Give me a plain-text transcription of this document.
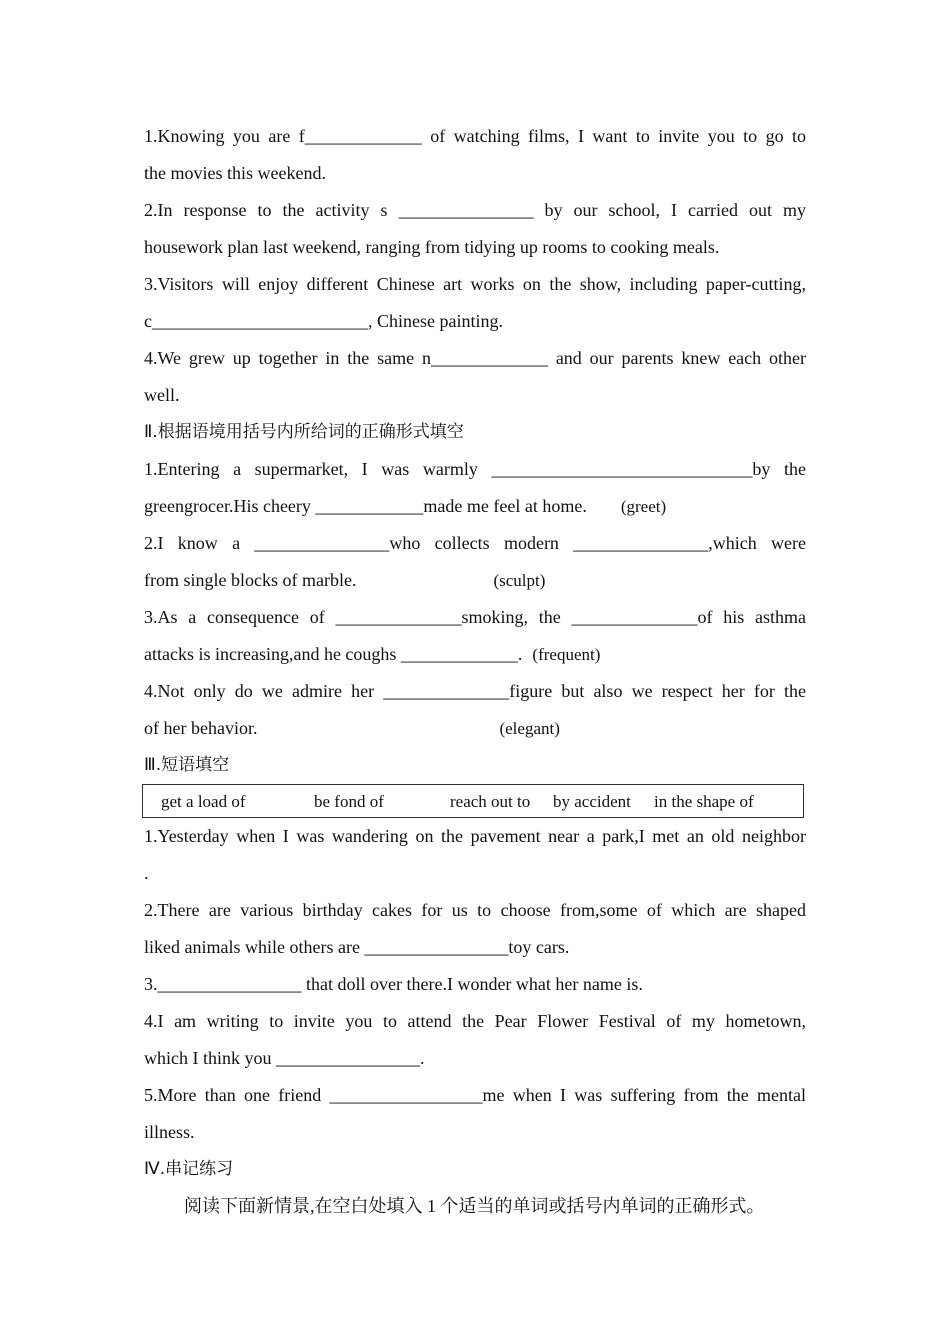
1.Knowing you are f_____________ of watching films, I want to invite you to go to
the movies this weekend.
2.In response to the activity s _______________ by our school, I carried out my
housework plan last weekend, ranging from tidying up rooms to cooking meals.
3.Visitors will enjoy different Chinese art works on the show, including paper-cutting,
c________________________, Chinese painting.
4.We grew up together in the same n_____________ and our parents knew each other
well.
Ⅱ.根据语境用括号内所给词的正确形式填空
1.Entering a supermarket, I was warmly _____________________________by the
greengrocer.His cheery ____________made me feel at home. (greet)
2.I know a _______________who collects modern _______________,which were
from single blocks of marble.	(sculpt)
3.As a consequence of ______________smoking, the ______________of his asthma
attacks is increasing,and he coughs _____________. (frequent)
4.Not only do we admire her ______________figure but also we respect her for the
of her behavior.	(elegant)
Ⅲ.短语填空
get a load of	be fond of	reach out to by accident in the shape of
1.Yesterday when I was wandering on the pavement near a park,I met an old neighbor
.
2.There are various birthday cakes for us to choose from,some of which are shaped
liked animals while others are ________________toy cars.
3.________________ that doll over there.I wonder what her name is.
4.I am writing to invite you to attend the Pear Flower Festival of my hometown,
which I think you ________________.
5.More than one friend _________________me when I was suffering from the mental
illness.
Ⅳ.串记练习
阅读下面新情景,在空白处填入 1 个适当的单词或括号内单词的正确形式。
